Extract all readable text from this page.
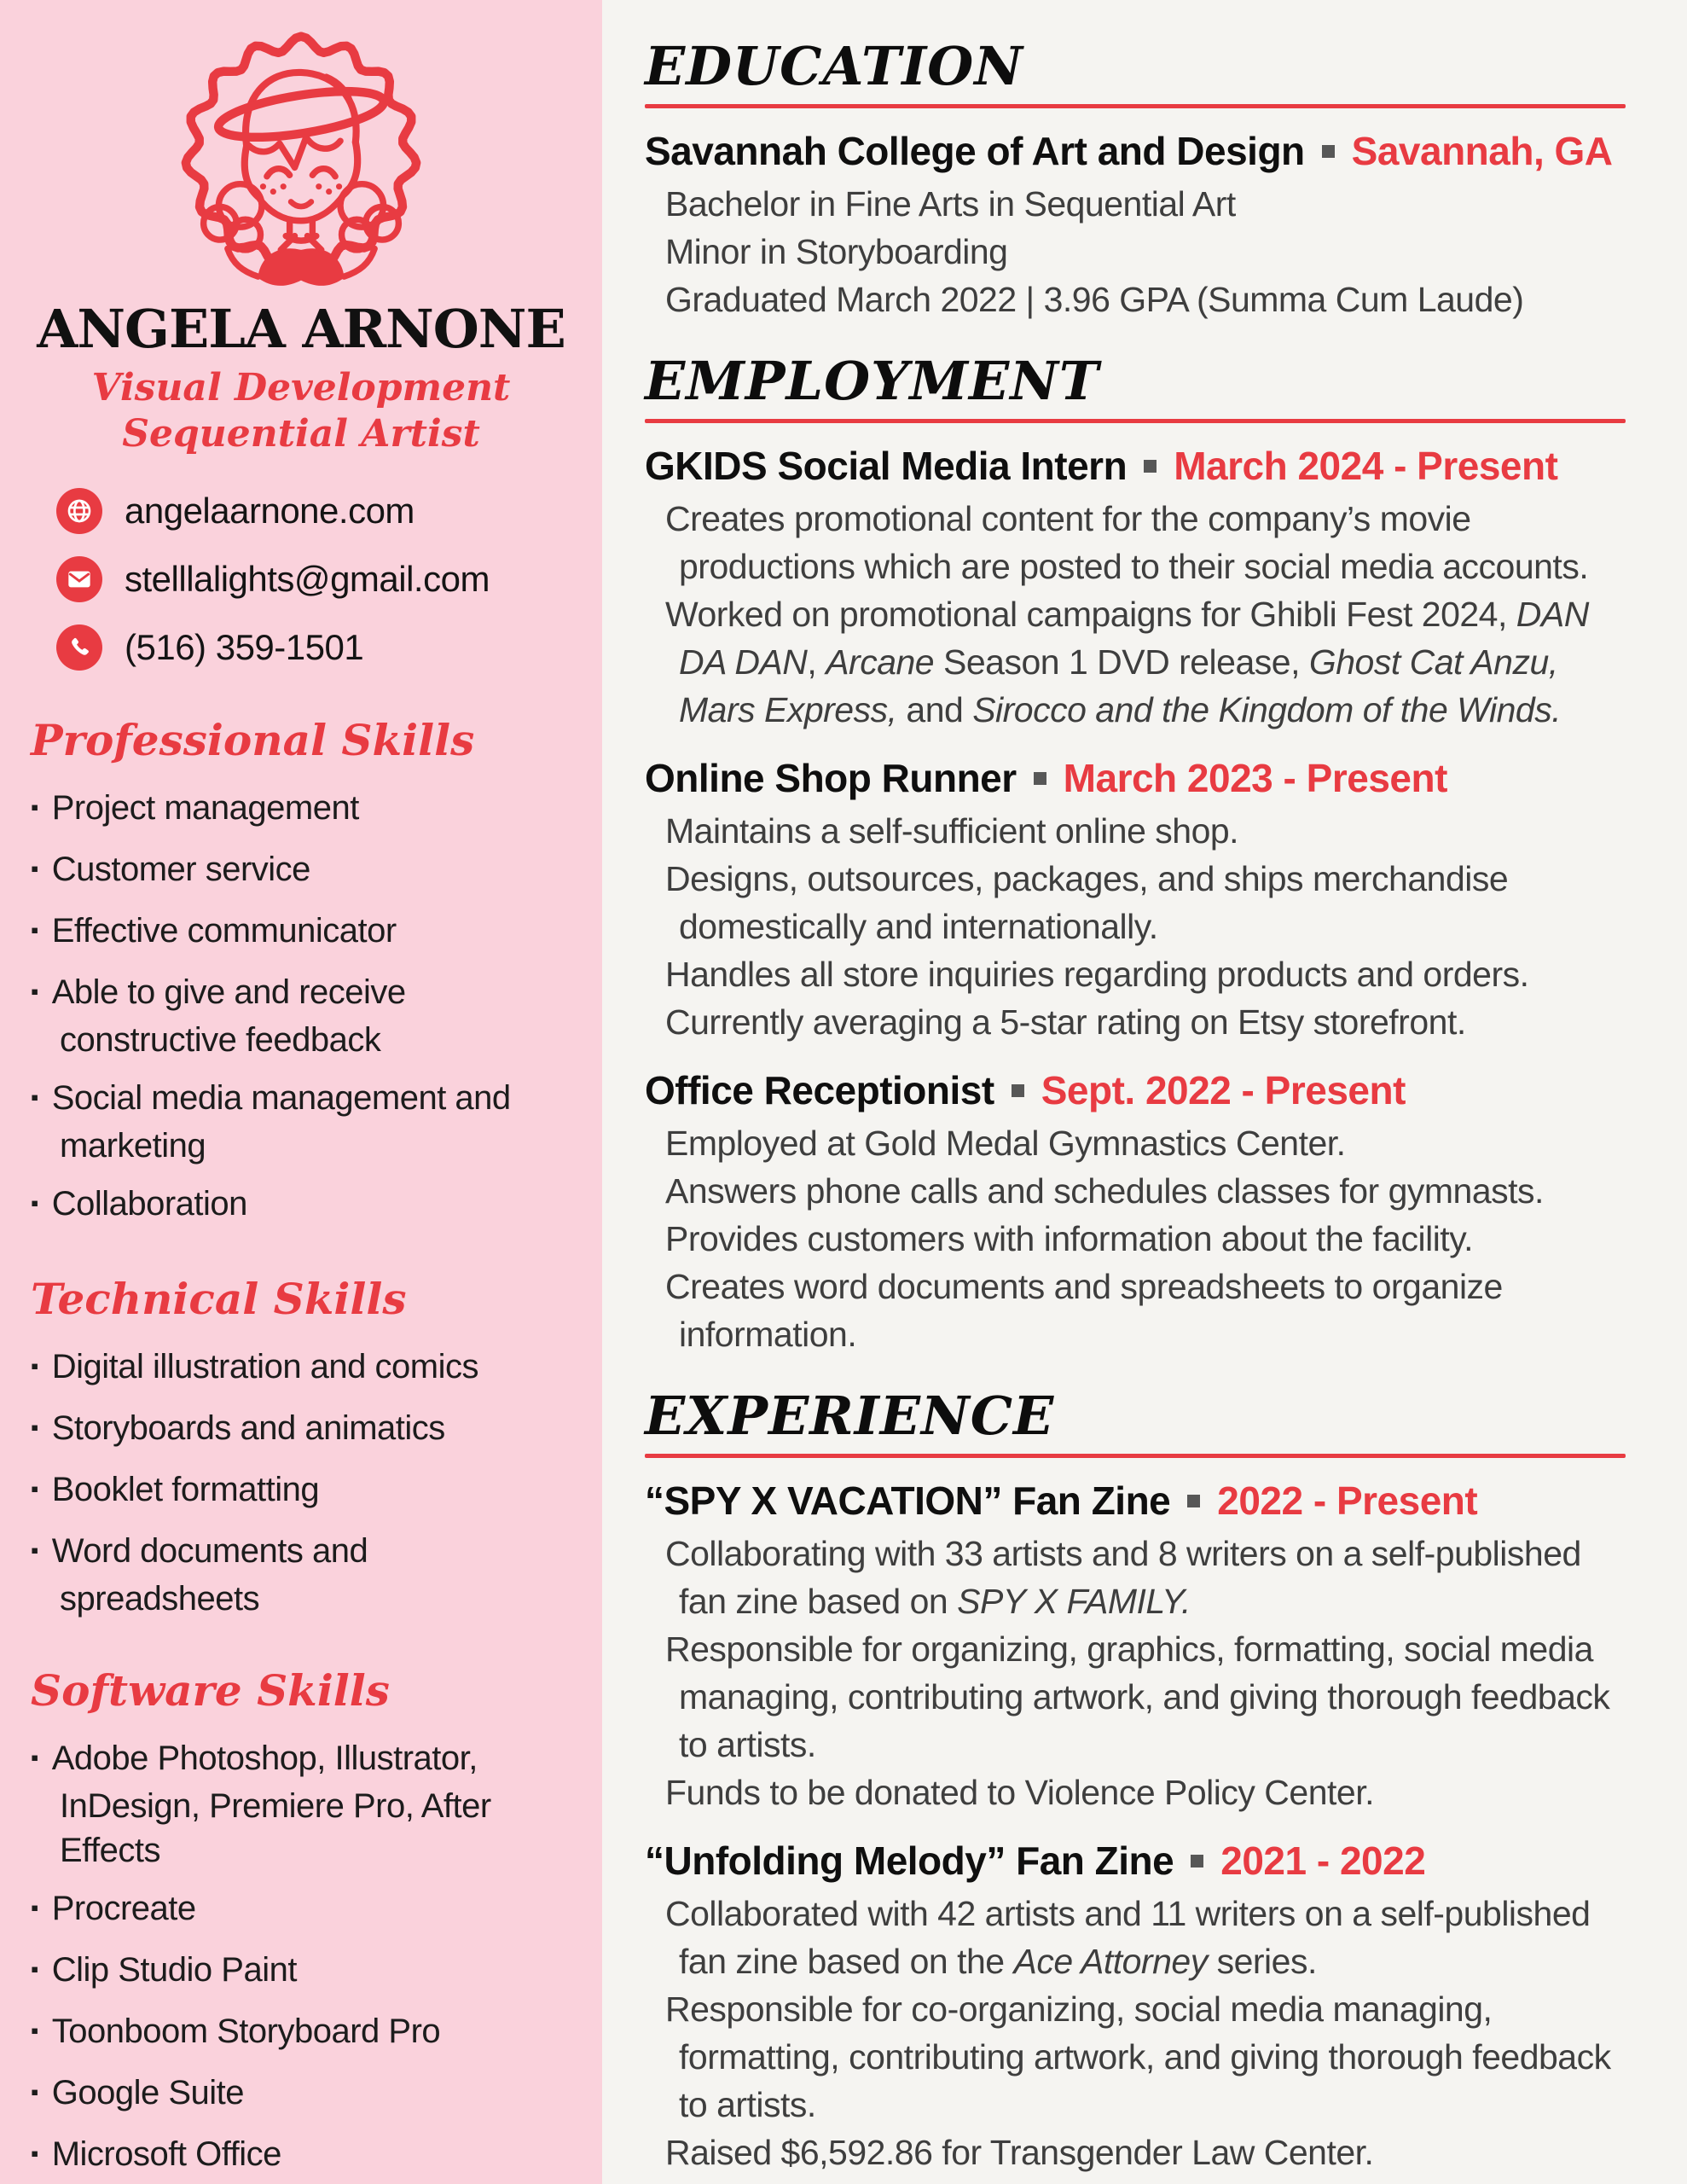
ANGELA ARNONE
Visual Development
Sequential Artist
angelaarnone.com
stelllalights@gmail.com
(516) 359-1501
Professional Skills
▪ Project management
▪ Customer service
▪ Effective communicator
▪ Able to give and receive constructive feedback
▪ Social media management and marketing
▪ Collaboration
Technical Skills
▪ Digital illustration and comics
▪ Storyboards and animatics
▪ Booklet formatting
▪ Word documents and spreadsheets
Software Skills
▪ Adobe Photoshop, Illustrator, InDesign, Premiere Pro, After Effects
▪ Procreate
▪ Clip Studio Paint
▪ Toonboom Storyboard Pro
▪ Google Suite
▪ Microsoft Office
EDUCATION
Savannah College of Art and Design Savannah, GA

Bachelor in Fine Arts in Sequential Art

Minor in Storyboarding

Graduated March 2022 | 3.96 GPA (Summa Cum Laude)

EMPLOYMENT
GKIDS Social Media Intern March 2024 - Present

Creates promotional content for the company’s movie productions which are posted to their social media accounts.

Worked on promotional campaigns for Ghibli Fest 2024, DAN DA DAN, Arcane Season 1 DVD release, Ghost Cat Anzu, Mars Express, and Sirocco and the Kingdom of the Winds.

Online Shop Runner March 2023 - Present

Maintains a self-sufficient online shop.

Designs, outsources, packages, and ships merchandise domestically and internationally.

Handles all store inquiries regarding products and orders.

Currently averaging a 5-star rating on Etsy storefront.

Office Receptionist Sept. 2022 - Present

Employed at Gold Medal Gymnastics Center.

Answers phone calls and schedules classes for gymnasts.

Provides customers with information about the facility.

Creates word documents and spreadsheets to organize information.

EXPERIENCE
“SPY X VACATION” Fan Zine 2022 - Present

Collaborating with 33 artists and 8 writers on a self-published fan zine based on SPY X FAMILY.

Responsible for organizing, graphics, formatting, social media managing, contributing artwork, and giving thorough feedback to artists.

Funds to be donated to Violence Policy Center.

“Unfolding Melody” Fan Zine 2021 - 2022

Collaborated with 42 artists and 11 writers on a self-published fan zine based on the Ace Attorney series.

Responsible for co-organizing, social media managing, formatting, contributing artwork, and giving thorough feedback to artists.

Raised $6,592.86 for Transgender Law Center.
